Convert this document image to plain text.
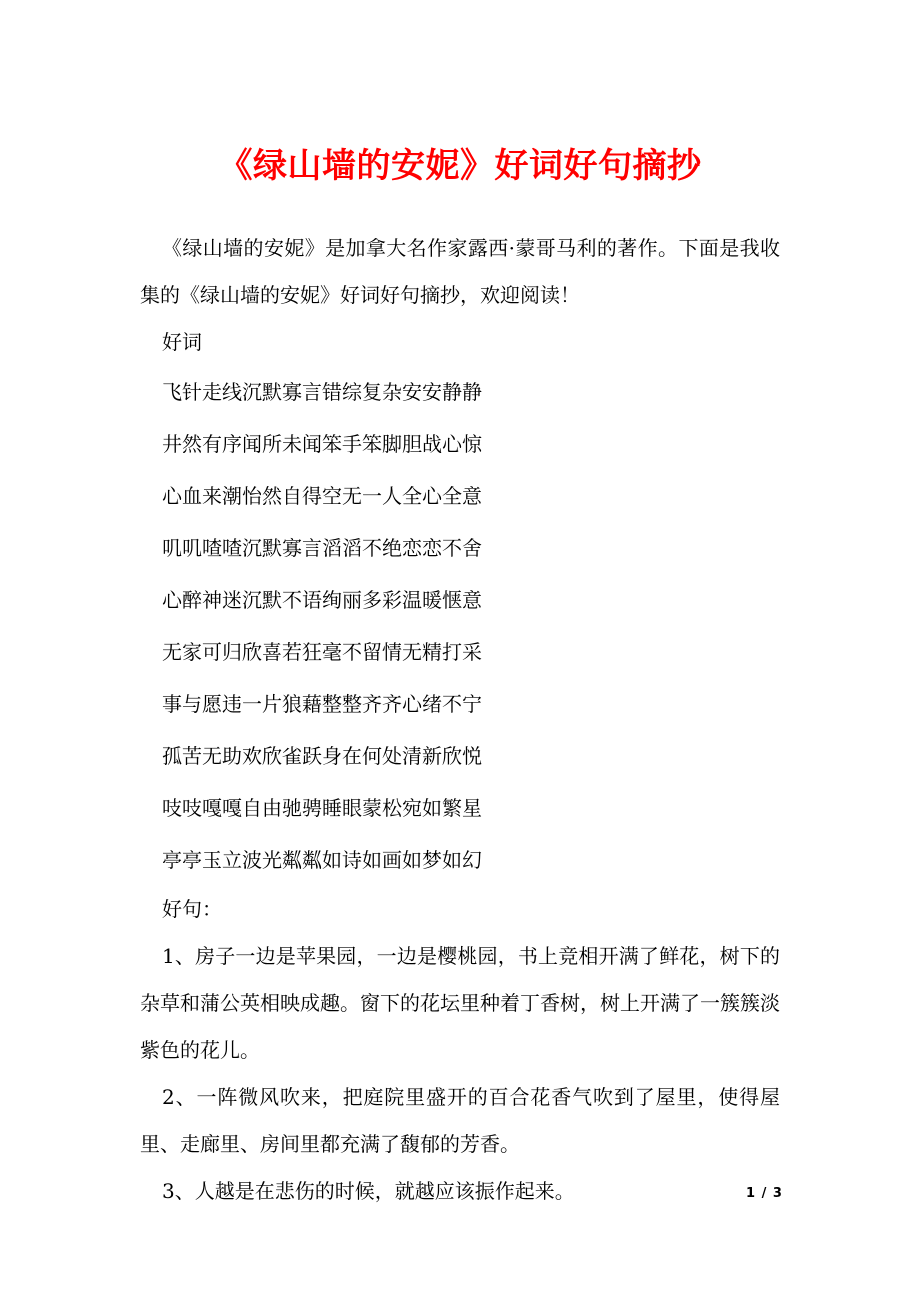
《绿山墙的安妮》好词好句摘抄

《绿山墙的安妮》是加拿大名作家露西·蒙哥马利的著作。下面是我收集的《绿山墙的安妮》好词好句摘抄，欢迎阅读！

好词

飞针走线沉默寡言错综复杂安安静静

井然有序闻所未闻笨手笨脚胆战心惊

心血来潮怡然自得空无一人全心全意

叽叽喳喳沉默寡言滔滔不绝恋恋不舍

心醉神迷沉默不语绚丽多彩温暖惬意

无家可归欣喜若狂毫不留情无精打采

事与愿违一片狼藉整整齐齐心绪不宁

孤苦无助欢欣雀跃身在何处清新欣悦

吱吱嘎嘎自由驰骋睡眼蒙松宛如繁星

亭亭玉立波光粼粼如诗如画如梦如幻

好句：

1、房子一边是苹果园，一边是樱桃园，书上竞相开满了鲜花，树下的杂草和蒲公英相映成趣。窗下的花坛里种着丁香树，树上开满了一簇簇淡紫色的花儿。

2、一阵微风吹来，把庭院里盛开的百合花香气吹到了屋里，使得屋里、走廊里、房间里都充满了馥郁的芳香。

3、人越是在悲伤的时候，就越应该振作起来。	1 / 3
